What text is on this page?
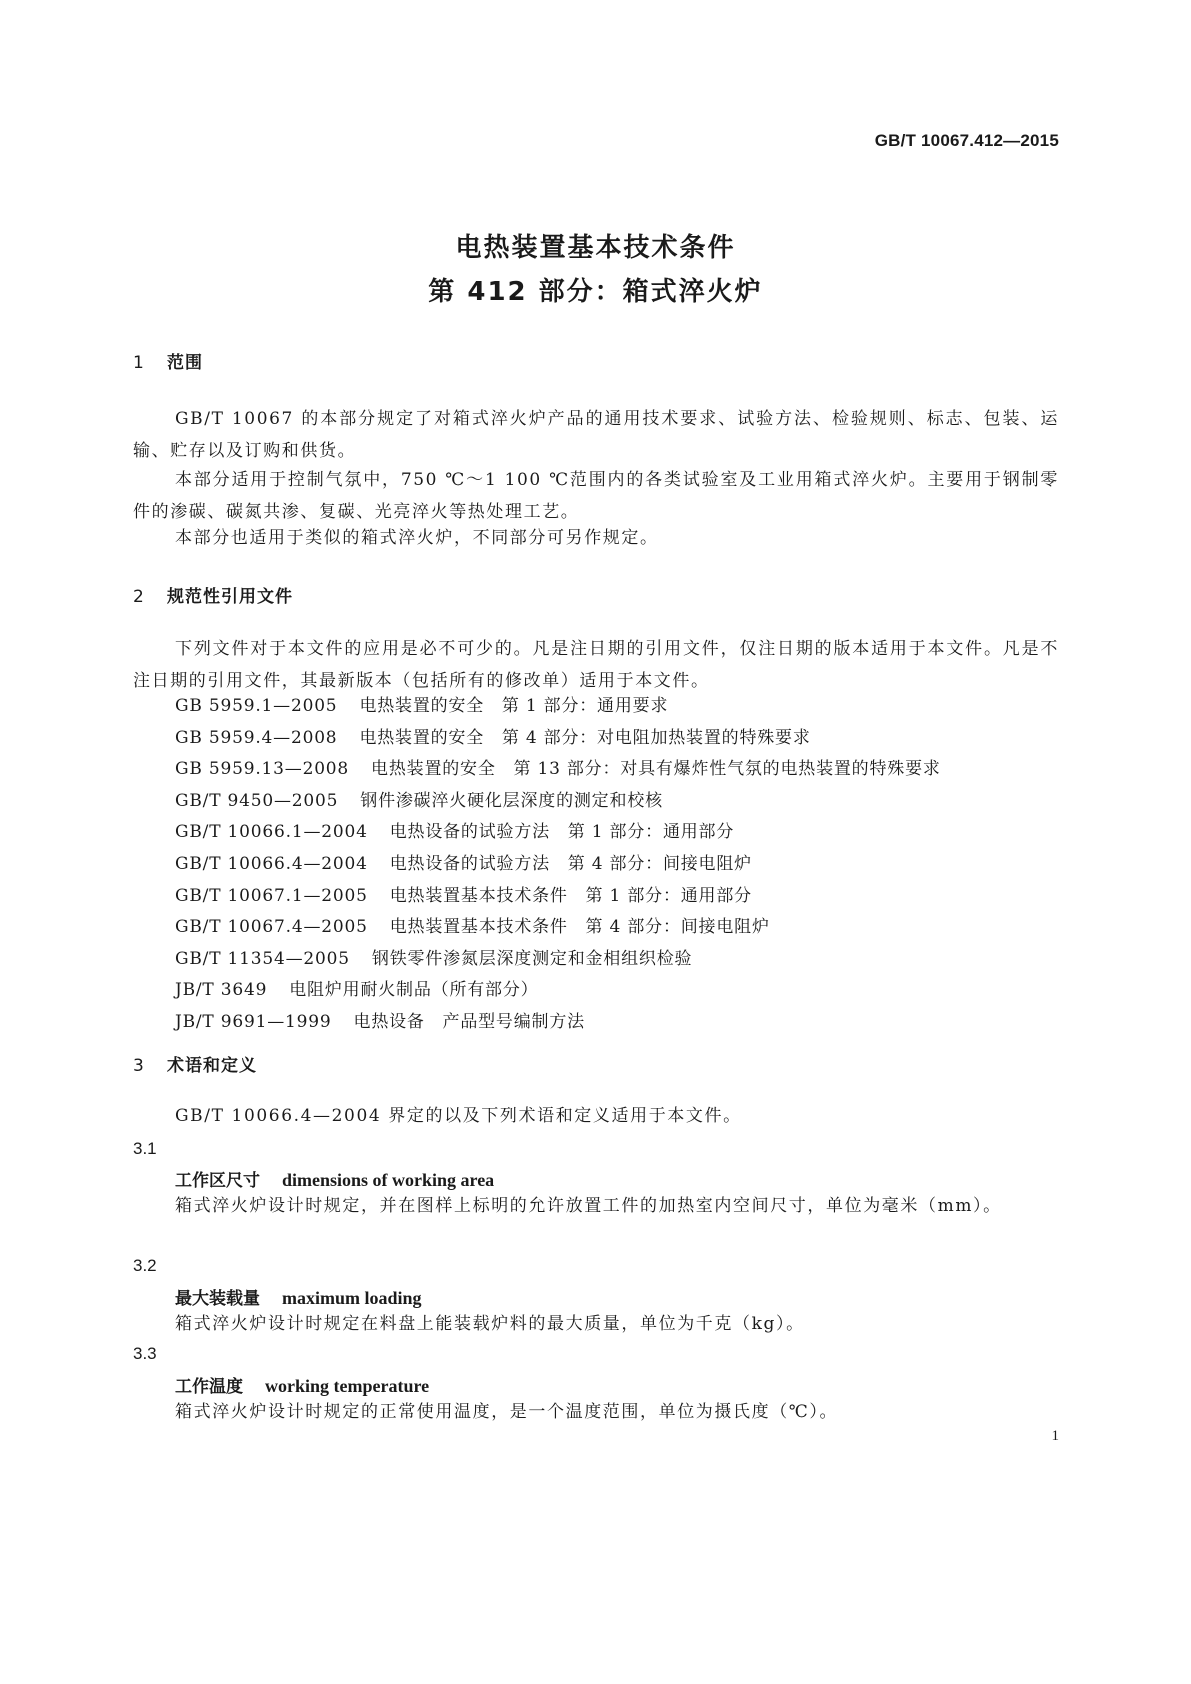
GB/T 10067.412—2015
电热装置基本技术条件
第 412 部分：箱式淬火炉
1 范围
GB/T 10067 的本部分规定了对箱式淬火炉产品的通用技术要求、试验方法、检验规则、标志、包装、运输、贮存以及订购和供货。
本部分适用于控制气氛中，750 ℃～1 100 ℃范围内的各类试验室及工业用箱式淬火炉。主要用于钢制零件的渗碳、碳氮共渗、复碳、光亮淬火等热处理工艺。
本部分也适用于类似的箱式淬火炉，不同部分可另作规定。
2 规范性引用文件
下列文件对于本文件的应用是必不可少的。凡是注日期的引用文件，仅注日期的版本适用于本文件。凡是不注日期的引用文件，其最新版本（包括所有的修改单）适用于本文件。
GB 5959.1—2005 电热装置的安全　第 1 部分：通用要求
GB 5959.4—2008 电热装置的安全　第 4 部分：对电阻加热装置的特殊要求
GB 5959.13—2008 电热装置的安全　第 13 部分：对具有爆炸性气氛的电热装置的特殊要求
GB/T 9450—2005 钢件渗碳淬火硬化层深度的测定和校核
GB/T 10066.1—2004 电热设备的试验方法　第 1 部分：通用部分
GB/T 10066.4—2004 电热设备的试验方法　第 4 部分：间接电阻炉
GB/T 10067.1—2005 电热装置基本技术条件　第 1 部分：通用部分
GB/T 10067.4—2005 电热装置基本技术条件　第 4 部分：间接电阻炉
GB/T 11354—2005 钢铁零件渗氮层深度测定和金相组织检验
JB/T 3649 电阻炉用耐火制品（所有部分）
JB/T 9691—1999 电热设备　产品型号编制方法
3 术语和定义
GB/T 10066.4—2004 界定的以及下列术语和定义适用于本文件。
3.1
工作区尺寸 dimensions of working area
箱式淬火炉设计时规定，并在图样上标明的允许放置工件的加热室内空间尺寸，单位为毫米（mm）。
3.2
最大装载量 maximum loading
箱式淬火炉设计时规定在料盘上能装载炉料的最大质量，单位为千克（kg）。
3.3
工作温度 working temperature
箱式淬火炉设计时规定的正常使用温度，是一个温度范围，单位为摄氏度（℃）。
1
